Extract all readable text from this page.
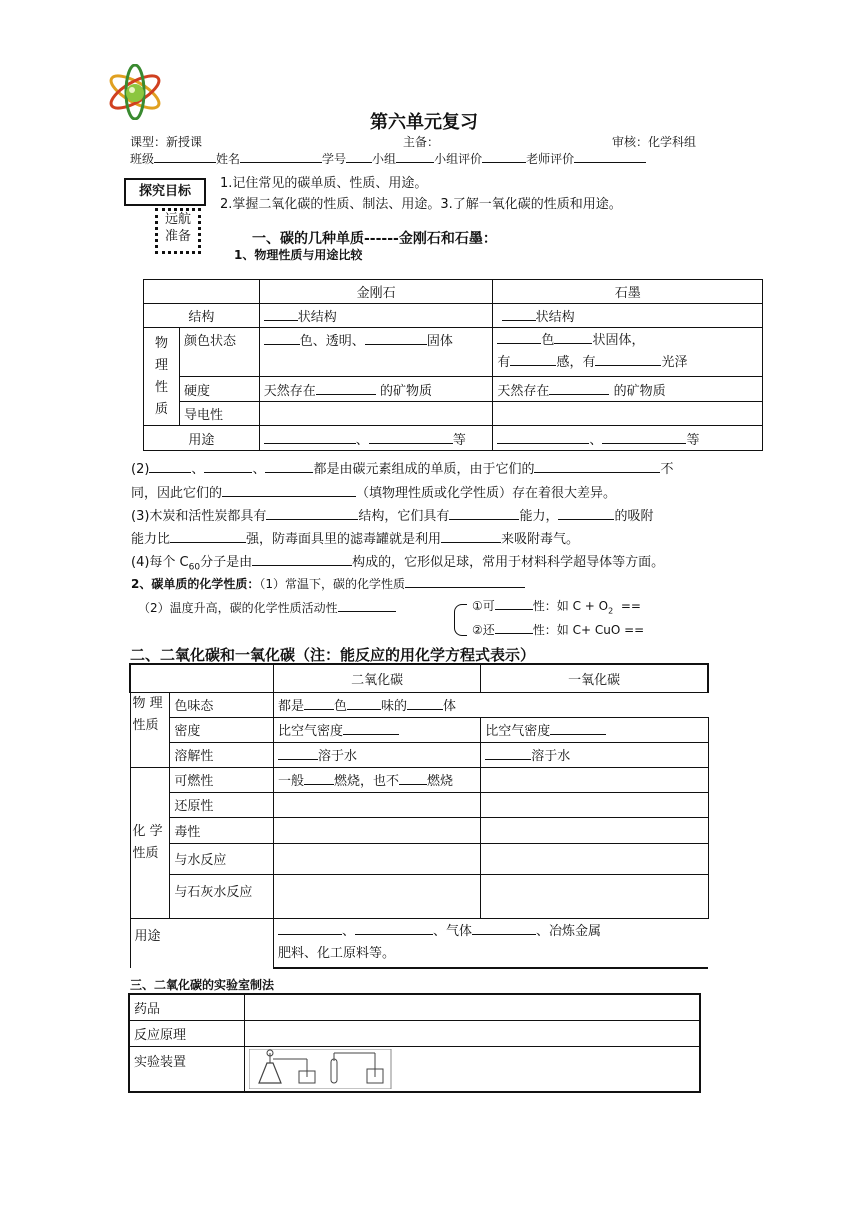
第六单元复习
课型：新授课	主备：	审核：化学科组
班级	姓名	学号 小组	小组评价	老师评价
探究目标
1.记住常见的碳单质、性质、用途。
2.掌握二氧化碳的性质、制法、用途。3.了解一氧化碳的性质和用途。
远航
准备	一、碳的几种单质------金刚石和石墨：
1、物理性质与用途比较
		金刚石	石墨
结构		状结构	状结构
物理性质	颜色状态	色、透明、 固体	色 状固体，
有 感，有 光泽
	硬度	天然存在 的矿物质	天然存在 的矿物质
	导电性		
用途		、 等	、 等
(2)	、	、	都是由碳元素组成的单质，由于它们的	不
同，因此它们的	（填物理性质或化学性质）存在着很大差异。
(3)木炭和活性炭都具有	结构，它们具有	能力，	的吸附
能力比	强，防毒面具里的滤毒罐就是利用	来吸附毒气。
(4)每个 $C_{60}$分子是由	构成的，它形似足球，常用于材料科学超导体等方面。
2、碳单质的化学性质：（1）常温下，碳的化学性质
（2）温度升高，碳的化学性质活动性	①可	性：如 $C + O_2$ ==
②还	性：如 C+ CuO ==
二、二氧化碳和一氧化碳（注：能反应的用化学方程式表示）
		二氧化碳	一氧化碳
物 理性质	色味态	都是 色 味的 体	
	密度	比空气密度	比空气密度
	溶解性	溶于水	溶于水
化 学性质	可燃性	一般 燃烧，也不 燃烧	
	还原性		
	毒性		
	与水反应		
	与石灰水反应		
用途		、 、气体 、冶炼金属
肥料、化工原料等。	
三、二氧化碳的实验室制法
药品	
反应原理	
实验装置	
